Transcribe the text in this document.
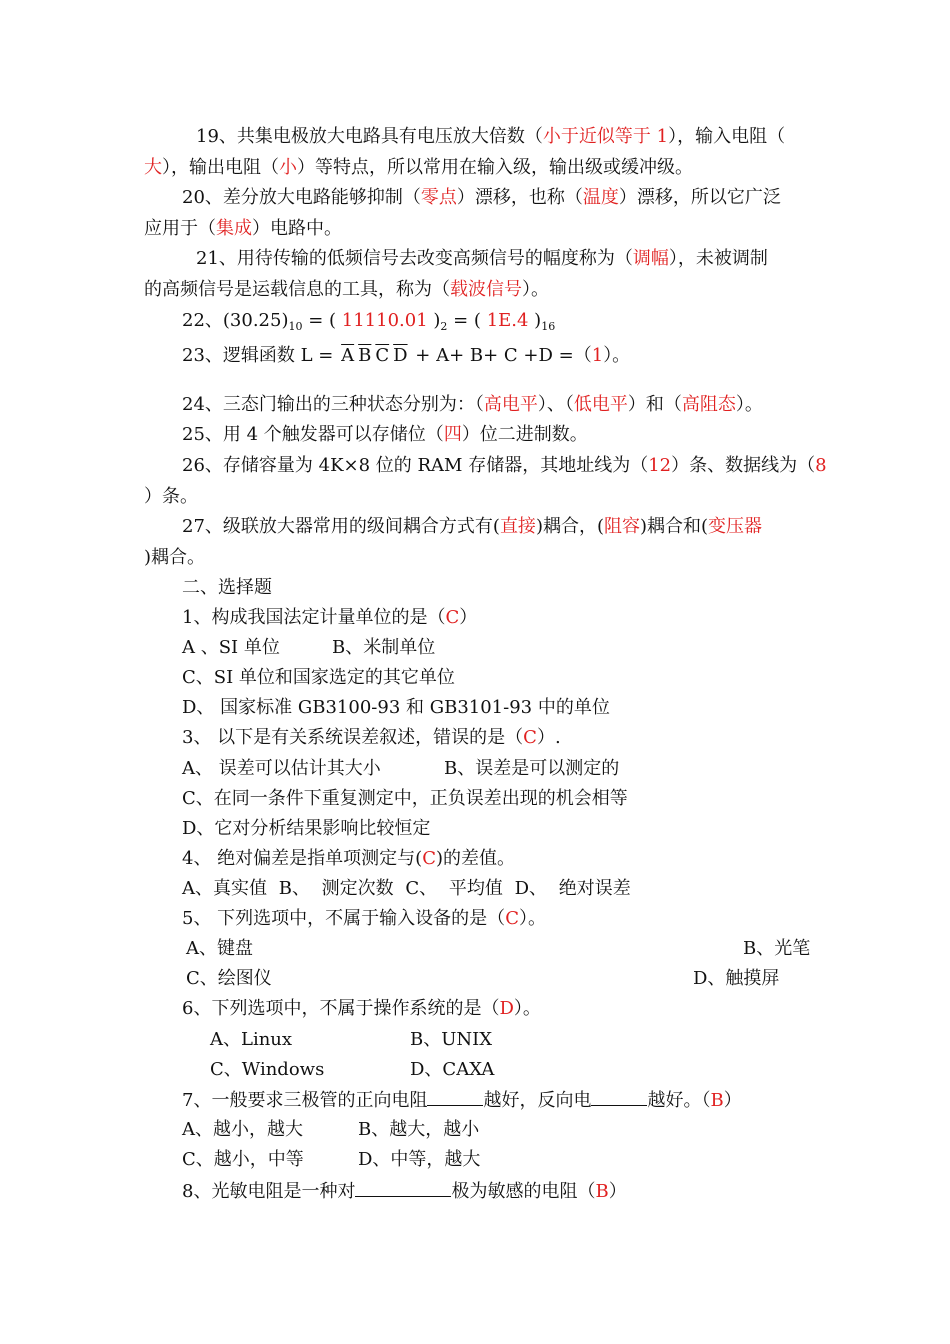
19、共集电极放大电路具有电压放大倍数（小于近似等于 1），输入电阻（
大），输出电阻（小）等特点，所以常用在输入级，输出级或缓冲级。
20、差分放大电路能够抑制（零点）漂移，也称（温度）漂移，所以它广泛
应用于（集成）电路中。
21、用待传输的低频信号去改变高频信号的幅度称为（调幅），未被调制
的高频信号是运载信息的工具，称为（载波信号）。
22、$(30.25)_{10}$ = ( 11110.01 )$_2$ = ( 1E.4 )$_{16}$
23、逻辑函数 $L = \overline{A}$ $\overline{B}$ $\overline{C}$ $\overline{D} + A+ B+ C +D =(1)$。
24、三态门输出的三种状态分别为：（高电平）、（低电平）和（高阻态）。
25、用 4 个触发器可以存储位（四）位二进制数。
26、存储容量为 4K×8 位的 RAM 存储器，其地址线为（12）条、数据线为（8
）条。
27、级联放大器常用的级间耦合方式有(直接)耦合，(阻容)耦合和(变压器
)耦合。
二、选择题
1、构成我国法定计量单位的是（C）
A 、SI 单位	B、米制单位
C、SI 单位和国家选定的其它单位
D、 国家标准 GB3100-93 和 GB3101-93 中的单位
3、 以下是有关系统误差叙述，错误的是（C）.
A、 误差可以估计其大小	B、误差是可以测定的
C、在同一条件下重复测定中，正负误差出现的机会相等
D、它对分析结果影响比较恒定
4、 绝对偏差是指单项测定与(C)的差值。
A、真实值 B、 测定次数 C、 平均值 D、 绝对误差
5、 下列选项中，不属于输入设备的是（C）。
A、键盘	B、光笔
C、绘图仪	D、触摸屏
6、下列选项中，不属于操作系统的是（D）。
A、Linux	B、UNIX
C、Windows	D、CAXA
7、一般要求三极管的正向电阻	越好，反向电	越好。（B）
A、越小，越大	B、越大，越小
C、越小，中等	D、中等，越大
8、光敏电阻是一种对	极为敏感的电阻（B）
